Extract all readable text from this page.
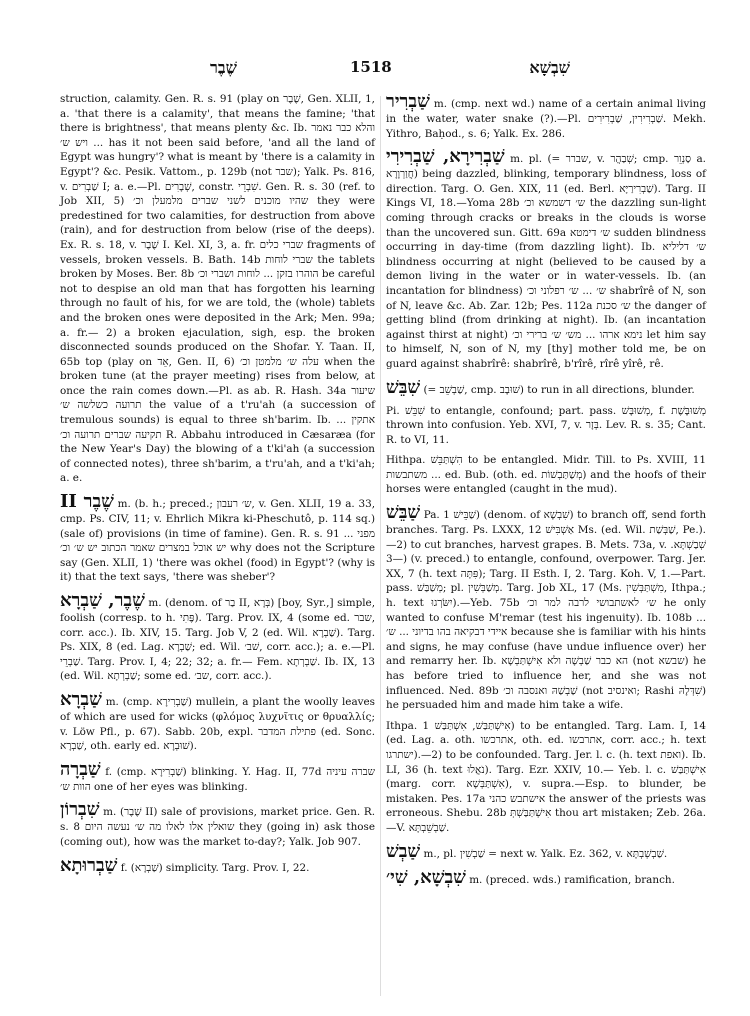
שֶׁבֶר	1518	שִׁבְשָׁא

struction, calamity. Gen. R. s. 91 (play on שֶׁבֶר, Gen. XLII, 1, a. 'that there is a calamity', that means the famine; 'that there is brightness', that means plenty &c. Ib. והלא כבר נאמר ... ויש ש׳ has it not been said before, 'and all the land of Egypt was hungry'? what is meant by 'there is a calamity in Egypt'? &c. Pesik. Vattom., p. 129b (not שבר); Yalk. Ps. 816, v. שַׁבְרִים I; a. e.—Pl. שְׁבָרִים, constr. שִׁבְרֵי. Gen. R. s. 30 (ref. to Job XII, 5) שהיו מוכנים לשני שברים מלמעלן וכ׳ they were predestined for two calamities, for destruction from above (rain), and for destruction from below (rise of the deeps). Ex. R. s. 18, v. שֶׁבֶר I. Kel. XI, 3, a. fr. שברי כלים fragments of vessels, broken vessels. B. Bath. 14b שברי לוחות the tablets broken by Moses. Ber. 8b הוהרו בזקן ... לוחות ושברי וכ׳ be careful not to despise an old man that has forgotten his learning through no fault of his, for we are told, the (whole) tablets and the broken ones were deposited in the Ark; Men. 99a; a. fr.— 2) a broken ejaculation, sigh, esp. the broken disconnected sounds produced on the Shofar. Y. Taan. II, 65b top (play on אֵד, Gen. II, 6) עלה ש׳ מלמטן וכ׳ when the broken tune (at the prayer meeting) rises from below, at once the rain comes down.—Pl. as ab. R. Hash. 34a שיעור תרועה כשלשה ש׳ the value of a t'ru'ah (a succession of tremulous sounds) is equal to three sh'barim. Ib. אתקין ... תקיעה שברים תרועה וכ׳ R. Abbahu introduced in Cæsaræa (for the New Year's Day) the blowing of a t'ki'ah (a succession of connected notes), three sh'barim, a t'ru'ah, and a t'ki'ah; a. e.

שֶׁבֶר II m. (b. h.; preced.; ש׳ רעבון, v. Gen. XLII, 19 a. 33, cmp. Ps. CIV, 11; v. Ehrlich Mikra ki-Pheschutô, p. 114 sq.) (sale of) provisions (in time of famine). Gen. R. s. 91 מפני ... יש אוכל במצרים שאמר הכתוב יש ש׳ וכ׳ why does not the Scripture say (Gen. XLII, 1) 'there was okhel (food) in Egypt'? (why is it) that the text says, 'there was sheber'?

שֶׁבֶר, שַׁבְרָא m. (denom. of בַר II, בְּרָא) [boy, Syr.,] simple, foolish (corresp. to h. פֶּתִי). Targ. Prov. IX, 4 (some ed. שבר, corr. acc.). Ib. XIV, 15. Targ. Job V, 2 (ed. Wil. שַׁבְרָא). Targ. Ps. XIX, 8 (ed. Lag. שַׁבְרָא; ed. Wil. שׁב׳, corr. acc.); a. e.—Pl. שַׁבְרֵי. Targ. Prov. I, 4; 22; 32; a. fr.— Fem. שַׁבְרְתָא. Ib. IX, 13 (ed. Wil. שַׁבְרְתָא; some ed. שב׳, corr. acc.).

שַׁבְרָא m. (cmp. שַׁבְרִירָא) mullein, a plant the woolly leaves of which are used for wicks (φλόμος λυχνῖτις or θρυαλλίς; v. Löw Pfl., p. 67). Sabb. 20b, expl. פתילת המדבר (ed. Sonc. שַׁבְרָא, oth. early ed. שׁוּבְרָא).

שַׁבְרָה f. (cmp. שַׁבְרִירָא) blinking. Y. Hag. II, 77d שברה עיניה הוות ש׳ one of her eyes was blinking.

שִׁבְרוֹן m. (שֶׁבֶר II) sale of provisions, market price. Gen. R. s. 8 שואלין אלו לאלו מה ש׳ נעשה היום they (going in) ask those (coming out), how was the market to-day?; Yalk. Job 907.

שַׁבְרוּתָא f. (שַׁבְרָא) simplicity. Targ. Prov. I, 22.

שַׁבְרִיר m. (cmp. next wd.) name of a certain animal living in the water, water snake (?).—Pl. שַׁבְרִירִין, שַׁבְרִירִים. Mekh. Yithro, Baḥod., s. 6; Yalk. Ex. 286.

שַׁבְרִירָא, שַׁבְרִירִי m. pl. (= שברר, v. שְׁבַהֲר; cmp. סַנְוֵר a. חֲוַרְוָרָא) being dazzled, blinking, temporary blindness, loss of direction. Targ. O. Gen. XIX, 11 (ed. Berl. שַׁבְרִירַיָּא). Targ. II Kings VI, 18.—Yoma 28b ש׳ דשמשא וכ׳ the dazzling sun-light coming through cracks or breaks in the clouds is worse than the uncovered sun. Gitt. 69a ש׳ דימטא sudden blindness occurring in day-time (from dazzling light). Ib. ש׳ דליליא blindness occurring at night (believed to be caused by a demon living in the water or in water-vessels. Ib. (an incantation for blindness) ש׳ ... ש׳ רפלוני וכ׳ shabrîrê of N, son of N, leave &c. Ab. Zar. 12b; Pes. 112a ש׳ סכנת the danger of getting blind (from drinking at night). Ib. (an incantation against thirst at night) נימא ארהו ... מש׳ ש׳ ברירי וכ׳ let him say to himself, N, son of N, my [thy] mother told me, be on guard against shabrîrê: shabrîrê, b'rîrê, rîrê yîrê, rê.

שִׁבֵּשׁ (= שַׁבְשֵׁב, cmp. שׁוּבָב) to run in all directions, blunder.

Pi. שִׁבֵּשׁ to entangle, confound; part. pass. מְשׁוּבָּשׁ, f. מְשׁוּבֶּשֶׁת thrown into confusion. Yeb. XVI, 7, v. בְּזָר. Lev. R. s. 35; Cant. R. to VI, 11.

Hithpa. הִשְׁתַּבֵּשׁ to be entangled. Midr. Till. to Ps. XVIII, 11 משתבשות ... ed. Bub. (oth. ed. מְשַׁתַּבְשׁוֹת) and the hoofs of their horses were entangled (caught in the mud).

שַׁבֵּשׁ Pa. שַׁבֵּישׁ 1) (denom. of שִׁבְשָׁא) to branch off, send forth branches. Targ. Ps. LXXX, 12 אַשְׁבִּישׁ Ms. (ed. Wil. שַׁבְּשַׁת, Pe.).—2) to cut branches, harvest grapes. B. Mets. 73a, v. שְׁבַשְׁתָּא.—3) (v. preced.) to entangle, confound, overpower. Targ. Jer. XX, 7 (h. text פִּתָּה); Targ. II Esth. I, 2. Targ. Koh. V, 1.—Part. pass. מְשַׁבַּשׁ; pl. מְשַׁבְּשִׁין. Targ. Job XL, 17 (Ms. מִשְׁתַּבְּשִׁין, Ithpa.; h. text יִשֹּׂרְגוּ).—Yeb. 75b ש׳ לאשתבושי לרבה למר וכ׳ he only wanted to confuse M'remar (test his ingenuity). Ib. 108b ... איידי דבקיאה בהו בדיוני ... ש׳ because she is familiar with his hints and signs, he may confuse (have undue influence over) her and remarry her. Ib. הא כבר שַׁבְשָׁה ולא אִישְׁתַּבְשָׁא (not שבשא) he has before tried to influence her, and she was not influenced. Ned. 89b שַׁבְשַׁהּ ואנסבה וכ׳ (not ואינסיב; Rashi שִׁדְּלָהּ) he persuaded him and made him take a wife.

Ithpa. אִישְׁתַּבַּשׁ, אִשְׁתַּבַּשׁ 1) to be entangled. Targ. Lam. I, 14 (ed. Lag. a. oth. אתרכשו, oth. ed. אתרבשו, corr. acc.; h. text ישתרגו).—2) to be confounded. Targ. Jer. l. c. (h. text ואפת). Ib. LI, 36 (h. text נֹאֲלוּ). Targ. Ezr. XXIV, 10.— Yeb. l. c. אִישְׁתַּבַּשׁ (marg. corr. אִשְׁתַּבְּשָׁא), v. supra.—Esp. to blunder, be mistaken. Pes. 17a אישתבש כהני the answer of the priests was erroneous. Shebu. 28b אִישְׁתַּבַּשְׁתְּ thou art mistaken; Zeb. 26a.—V. שַׁבְשֵׁבְתָּא.

שַׁבְשׁ m., pl. שַׁבְשִׁין = next w. Yalk. Ez. 362, v. שַׁבְשְׁבְתָּא.

שִׁבְשָׁא, שִׁי׳ m. (preced. wds.) ramification, branch.
